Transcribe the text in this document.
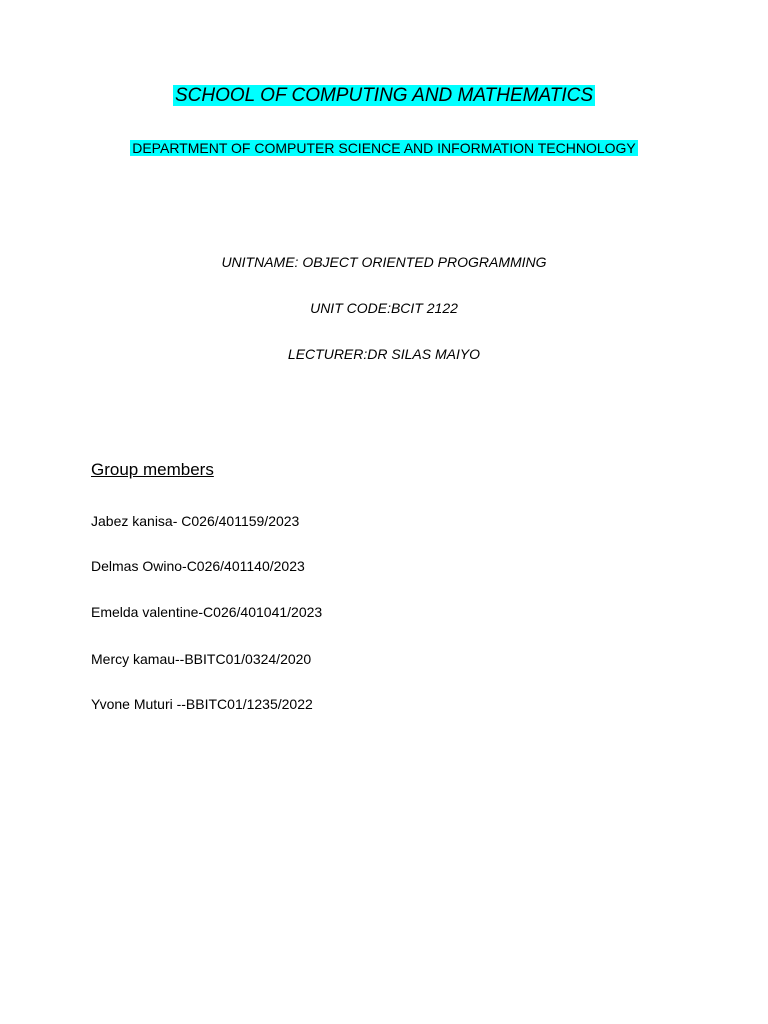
SCHOOL OF COMPUTING AND MATHEMATICS
DEPARTMENT OF COMPUTER SCIENCE AND INFORMATION TECHNOLOGY
UNITNAME: OBJECT ORIENTED PROGRAMMING
UNIT CODE:BCIT 2122
LECTURER:DR SILAS MAIYO
Group members
Jabez kanisa- C026/401159/2023
Delmas Owino-C026/401140/2023
Emelda valentine-C026/401041/2023
Mercy kamau--BBITC01/0324/2020
Yvone Muturi --BBITC01/1235/2022
